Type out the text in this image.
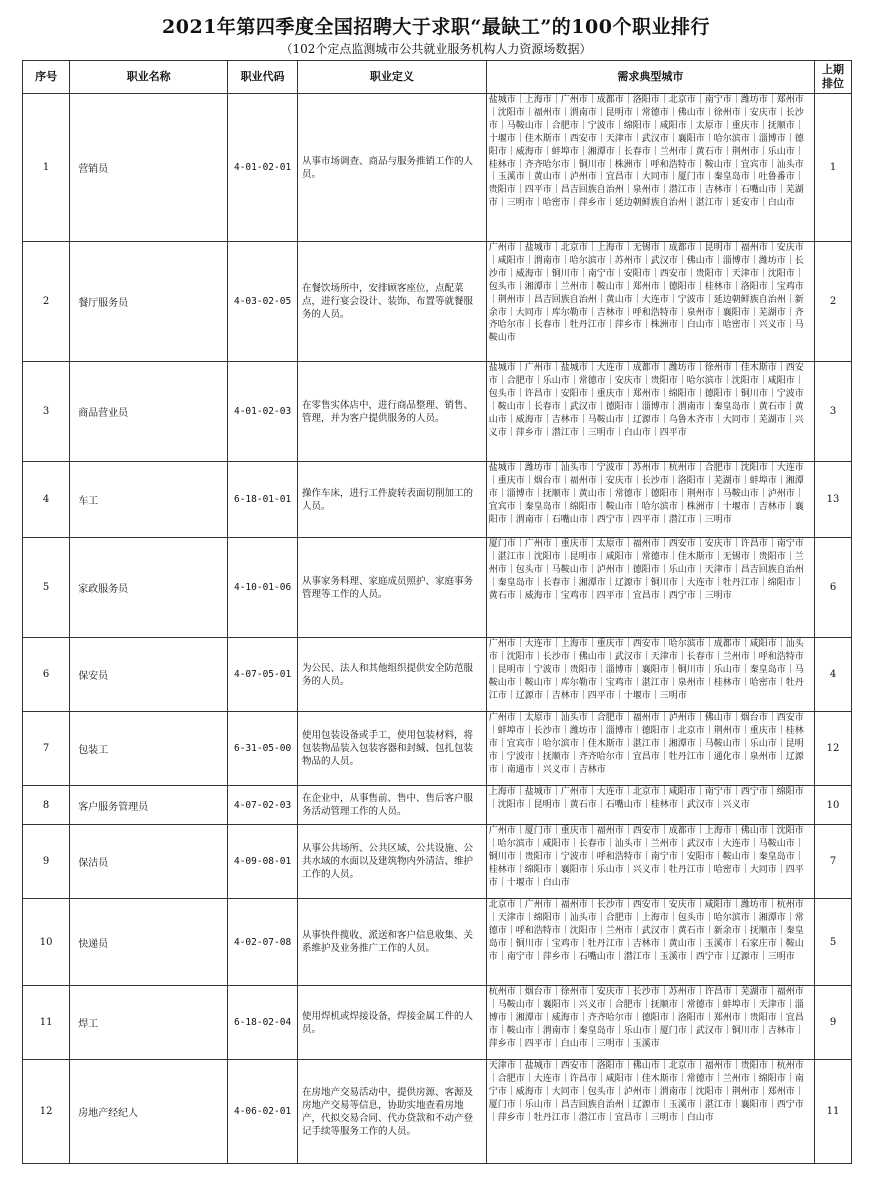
2021年第四季度全国招聘大于求职“最缺工”的100个职业排行
（102个定点监测城市公共就业服务机构人力资源场数据）
序号	职业名称	职业代码	职业定义	需求典型城市	上期排位
1	营销员	4-01-02-01	从事市场调查、商品与服务推销工作的人员。	盐城市｜上海市｜广州市｜成都市｜洛阳市｜北京市｜南宁市｜潍坊市｜郑州市｜沈阳市｜福州市｜渭南市｜昆明市｜常德市｜佛山市｜徐州市｜安庆市｜长沙市｜马鞍山市｜合肥市｜宁波市｜绵阳市｜咸阳市｜太原市｜重庆市｜抚顺市｜十堰市｜佳木斯市｜西安市｜天津市｜武汉市｜襄阳市｜哈尔滨市｜淄博市｜德阳市｜威海市｜蚌埠市｜湘潭市｜长春市｜兰州市｜黄石市｜荆州市｜乐山市｜桂林市｜齐齐哈尔市｜铜川市｜株洲市｜呼和浩特市｜鞍山市｜宜宾市｜汕头市｜玉溪市｜黄山市｜泸州市｜宜昌市｜大同市｜厦门市｜秦皇岛市｜吐鲁番市｜贵阳市｜四平市｜昌吉回族自治州｜泉州市｜潜江市｜吉林市｜石嘴山市｜芜湖市｜三明市｜哈密市｜萍乡市｜延边朝鲜族自治州｜湛江市｜延安市｜白山市	1
2	餐厅服务员	4-03-02-05	在餐饮场所中，安排顾客座位，点配菜点，进行宴会设计、装饰、布置等就餐服务的人员。	广州市｜盐城市｜北京市｜上海市｜无锡市｜成都市｜昆明市｜福州市｜安庆市｜咸阳市｜渭南市｜哈尔滨市｜苏州市｜武汉市｜佛山市｜淄博市｜潍坊市｜长沙市｜威海市｜铜川市｜南宁市｜安阳市｜西安市｜贵阳市｜天津市｜沈阳市｜包头市｜湘潭市｜兰州市｜鞍山市｜郑州市｜德阳市｜桂林市｜洛阳市｜宝鸡市｜荆州市｜昌吉回族自治州｜黄山市｜大连市｜宁波市｜延边朝鲜族自治州｜新余市｜大同市｜库尔勒市｜吉林市｜呼和浩特市｜泉州市｜襄阳市｜芜湖市｜齐齐哈尔市｜长春市｜牡丹江市｜萍乡市｜株洲市｜白山市｜哈密市｜兴义市｜马鞍山市	2
3	商品营业员	4-01-02-03	在零售实体店中，进行商品整理、销售、管理，并为客户提供服务的人员。	盐城市｜广州市｜盐城市｜大连市｜成都市｜潍坊市｜徐州市｜佳木斯市｜西安市｜合肥市｜乐山市｜常德市｜安庆市｜贵阳市｜哈尔滨市｜沈阳市｜咸阳市｜包头市｜许昌市｜安阳市｜重庆市｜郑州市｜绵阳市｜德阳市｜铜川市｜宁波市｜鞍山市｜长春市｜武汉市｜德阳市｜淄博市｜渭南市｜秦皇岛市｜黄石市｜黄山市｜威海市｜吉林市｜马鞍山市｜辽源市｜乌鲁木齐市｜大同市｜芜湖市｜兴义市｜萍乡市｜潜江市｜三明市｜白山市｜四平市	3
4	车工	6-18-01-01	操作车床，进行工件旋转表面切削加工的人员。	盐城市｜潍坊市｜汕头市｜宁波市｜苏州市｜杭州市｜合肥市｜沈阳市｜大连市｜重庆市｜烟台市｜福州市｜安庆市｜长沙市｜洛阳市｜芜湖市｜蚌埠市｜湘潭市｜淄博市｜抚顺市｜黄山市｜常德市｜德阳市｜荆州市｜马鞍山市｜泸州市｜宜宾市｜秦皇岛市｜绵阳市｜鞍山市｜哈尔滨市｜株洲市｜十堰市｜吉林市｜襄阳市｜渭南市｜石嘴山市｜西宁市｜四平市｜潜江市｜三明市	13
5	家政服务员	4-10-01-06	从事家务料理、家庭成员照护、家庭事务管理等工作的人员。	厦门市｜广州市｜重庆市｜太原市｜福州市｜西安市｜安庆市｜许昌市｜南宁市｜湛江市｜沈阳市｜昆明市｜咸阳市｜常德市｜佳木斯市｜无锡市｜贵阳市｜兰州市｜包头市｜马鞍山市｜泸州市｜德阳市｜乐山市｜天津市｜昌吉回族自治州｜秦皇岛市｜长春市｜湘潭市｜辽源市｜铜川市｜大连市｜牡丹江市｜绵阳市｜黄石市｜威海市｜宝鸡市｜四平市｜宜昌市｜西宁市｜三明市	6
6	保安员	4-07-05-01	为公民、法人和其他组织提供安全防范服务的人员。	广州市｜大连市｜上海市｜重庆市｜西安市｜哈尔滨市｜成都市｜咸阳市｜汕头市｜沈阳市｜长沙市｜佛山市｜武汉市｜天津市｜长春市｜兰州市｜呼和浩特市｜昆明市｜宁波市｜贵阳市｜淄博市｜襄阳市｜铜川市｜乐山市｜秦皇岛市｜马鞍山市｜鞍山市｜库尔勒市｜宝鸡市｜湛江市｜泉州市｜桂林市｜哈密市｜牡丹江市｜辽源市｜吉林市｜四平市｜十堰市｜三明市	4
7	包装工	6-31-05-00	使用包装设备或手工，使用包装材料，将包装物品装入包装容器和封缄、包扎包装物品的人员。	广州市｜太原市｜汕头市｜合肥市｜福州市｜泸州市｜佛山市｜烟台市｜西安市｜蚌埠市｜长沙市｜潍坊市｜淄博市｜德阳市｜北京市｜荆州市｜重庆市｜桂林市｜宜宾市｜哈尔滨市｜佳木斯市｜湛江市｜湘潭市｜马鞍山市｜乐山市｜昆明市｜宁波市｜抚顺市｜齐齐哈尔市｜宜昌市｜牡丹江市｜通化市｜泉州市｜辽源市｜南通市｜兴义市｜吉林市	12
8	客户服务管理员	4-07-02-03	在企业中，从事售前、售中、售后客户服务活动管理工作的人员。	上海市｜盐城市｜广州市｜大连市｜北京市｜咸阳市｜南宁市｜西宁市｜绵阳市｜沈阳市｜昆明市｜黄石市｜石嘴山市｜桂林市｜武汉市｜兴义市	10
9	保洁员	4-09-08-01	从事公共场所、公共区域、公共设施、公共水域的水面以及建筑物内外清洁、维护工作的人员。	广州市｜厦门市｜重庆市｜福州市｜西安市｜成都市｜上海市｜佛山市｜沈阳市｜哈尔滨市｜咸阳市｜长春市｜汕头市｜兰州市｜武汉市｜大连市｜马鞍山市｜铜川市｜贵阳市｜宁波市｜呼和浩特市｜南宁市｜安阳市｜鞍山市｜秦皇岛市｜桂林市｜绵阳市｜襄阳市｜乐山市｜兴义市｜牡丹江市｜哈密市｜大同市｜四平市｜十堰市｜白山市	7
10	快递员	4-02-07-08	从事快件揽收、派送和客户信息收集、关系维护及业务推广工作的人员。	北京市｜广州市｜福州市｜长沙市｜西安市｜安庆市｜咸阳市｜潍坊市｜杭州市｜天津市｜绵阳市｜汕头市｜合肥市｜上海市｜包头市｜哈尔滨市｜湘潭市｜常德市｜呼和浩特市｜沈阳市｜兰州市｜武汉市｜黄石市｜新余市｜抚顺市｜秦皇岛市｜铜川市｜宝鸡市｜牡丹江市｜吉林市｜黄山市｜玉溪市｜石家庄市｜鞍山市｜南宁市｜萍乡市｜石嘴山市｜潜江市｜玉溪市｜西宁市｜辽源市｜三明市	5
11	焊工	6-18-02-04	使用焊机或焊接设备，焊接金属工件的人员。	杭州市｜烟台市｜徐州市｜安庆市｜长沙市｜苏州市｜许昌市｜芜湖市｜福州市｜马鞍山市｜襄阳市｜兴义市｜合肥市｜抚顺市｜常德市｜蚌埠市｜天津市｜淄博市｜湘潭市｜威海市｜齐齐哈尔市｜德阳市｜洛阳市｜郑州市｜贵阳市｜宜昌市｜鞍山市｜渭南市｜秦皇岛市｜乐山市｜厦门市｜武汉市｜铜川市｜吉林市｜萍乡市｜四平市｜白山市｜三明市｜玉溪市	9
12	房地产经纪人	4-06-02-01	在房地产交易活动中，提供房源、客源及房地产交易等信息，协助实地查看房地产，代拟交易合同、代办贷款和不动产登记手续等服务工作的人员。	天津市｜盐城市｜西安市｜洛阳市｜佛山市｜北京市｜福州市｜贵阳市｜杭州市｜合肥市｜大连市｜许昌市｜咸阳市｜佳木斯市｜常德市｜兰州市｜绵阳市｜南宁市｜威海市｜大同市｜包头市｜泸州市｜渭南市｜沈阳市｜荆州市｜郑州市｜厦门市｜乐山市｜昌吉回族自治州｜辽源市｜玉溪市｜湛江市｜襄阳市｜西宁市｜萍乡市｜牡丹江市｜潜江市｜宜昌市｜三明市｜白山市	11
